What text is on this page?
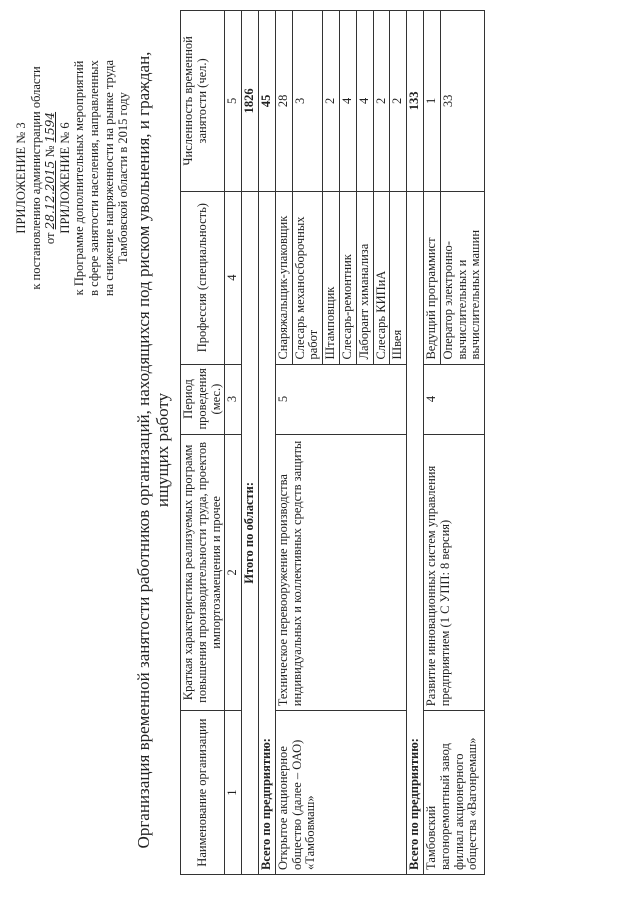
ПРИЛОЖЕНИЕ № 3 к постановлению администрации области от 28.12.2015 № 1594 ПРИЛОЖЕНИЕ № 6 к Программе дополнительных мероприятий в сфере занятости населения, направленных на снижение напряженности на рынке труда Тамбовской области в 2015 году Организация временной занятости работников организаций, находящихся под риском увольнения, и граждан, ищущих работу
Наименование организации	Краткая характеристика реализуемых программ повышения производительности труда, проектов импортозамещения и прочее	Период проведения (мес.)	Профессия (специальность)	Численность временной занятости (чел.)
1	2	3	4	5
Итого по области:				1826
Всего по предприятию:				45
Открытое акционерное общество (далее – ОАО) «Тамбовмаш»	Техническое перевооружение производства индивидуальных и коллективных средств защиты	5	Снаряжальщик-упаковщик	28
			Слесарь механосборочных работ	3
			Штамповщик	2
			Слесарь-ремонтник	4
			Лаборант химанализа	4
			Слесарь КИПиА	2
			Швея	2
Всего по предприятию:				133
Тамбовский вагоноремонтный завод филиал акционерного общества «Вагонремаш»	Развитие инновационных систем управления предприятием (1 С УПП: 8 версия)	4	Ведущий программист	1
			Оператор электронно-вычислительных и вычислительных машин	33
